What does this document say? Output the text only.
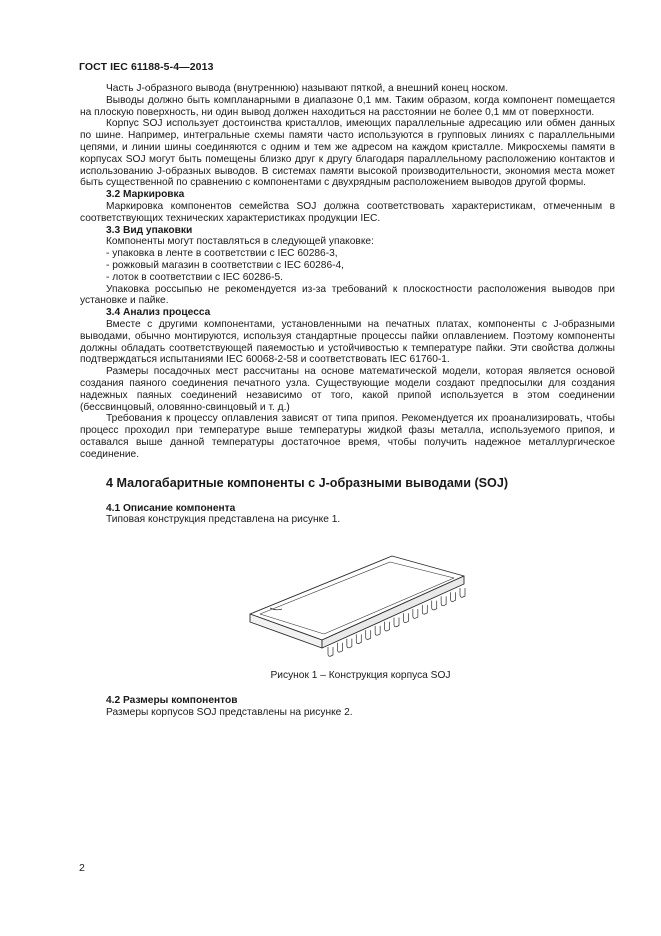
ГОСТ IEC 61188-5-4—2013

Часть J-образного вывода (внутреннюю) называют пяткой, а внешний конец носком.

Выводы должно быть компланарными в диапазоне 0,1 мм. Таким образом, когда компонент помещается на плоскую поверхность, ни один вывод должен находиться на расстоянии не более 0,1 мм от поверхности.

Корпус SOJ использует достоинства кристаллов, имеющих параллельные адресацию или обмен данных по шине. Например, интегральные схемы памяти часто используются в групповых линиях с параллельными цепями, и линии шины соединяются с одним и тем же адресом на каждом кристалле. Микросхемы памяти в корпусах SOJ могут быть помещены близко друг к другу благодаря параллельному расположению контактов и использованию J-образных выводов. В системах памяти высокой производительности, экономия места может быть существенной по сравнению с компонентами с двухрядным расположением выводов другой формы.

3.2 Маркировка

Маркировка компонентов семейства SOJ должна соответствовать характеристикам, отмеченным в соответствующих технических характеристиках продукции IEC.

3.3 Вид упаковки

Компоненты могут поставляться в следующей упаковке:

- упаковка в ленте в соответствии с IEC 60286-3,

- рожковый магазин в соответствии с IEC 60286-4,

- лоток в соответствии с IEC 60286-5.

Упаковка россыпью не рекомендуется из-за требований к плоскостности расположения выводов при установке и пайке.

3.4 Анализ процесса

Вместе с другими компонентами, установленными на печатных платах, компоненты с J-образными выводами, обычно монтируются, используя стандартные процессы пайки оплавлением. Поэтому компоненты должны обладать соответствующей паяемостью и устойчивостью к температуре пайки. Эти свойства должны подтверждаться испытаниями IEC 60068-2-58 и соответствовать IEC 61760-1.

Размеры посадочных мест рассчитаны на основе математической модели, которая является основой создания паяного соединения печатного узла. Существующие модели создают предпосылки для создания надежных паяных соединений независимо от того, какой припой используется в этом соединении (бессвинцовый, оловянно-свинцовый и т. д.)

Требования к процессу оплавления зависят от типа припоя. Рекомендуется их проанализировать, чтобы процесс проходил при температуре выше температуры жидкой фазы металла, используемого припоя, и оставался выше данной температуры достаточное время, чтобы получить надежное металлургическое соединение.

4 Малогабаритные компоненты с J-образными выводами (SOJ)

4.1 Описание компонента

Типовая конструкция представлена на рисунке 1.

Рисунок 1 – Конструкция корпуса SOJ

4.2 Размеры компонентов

Размеры корпусов SOJ представлены на рисунке 2.

2
